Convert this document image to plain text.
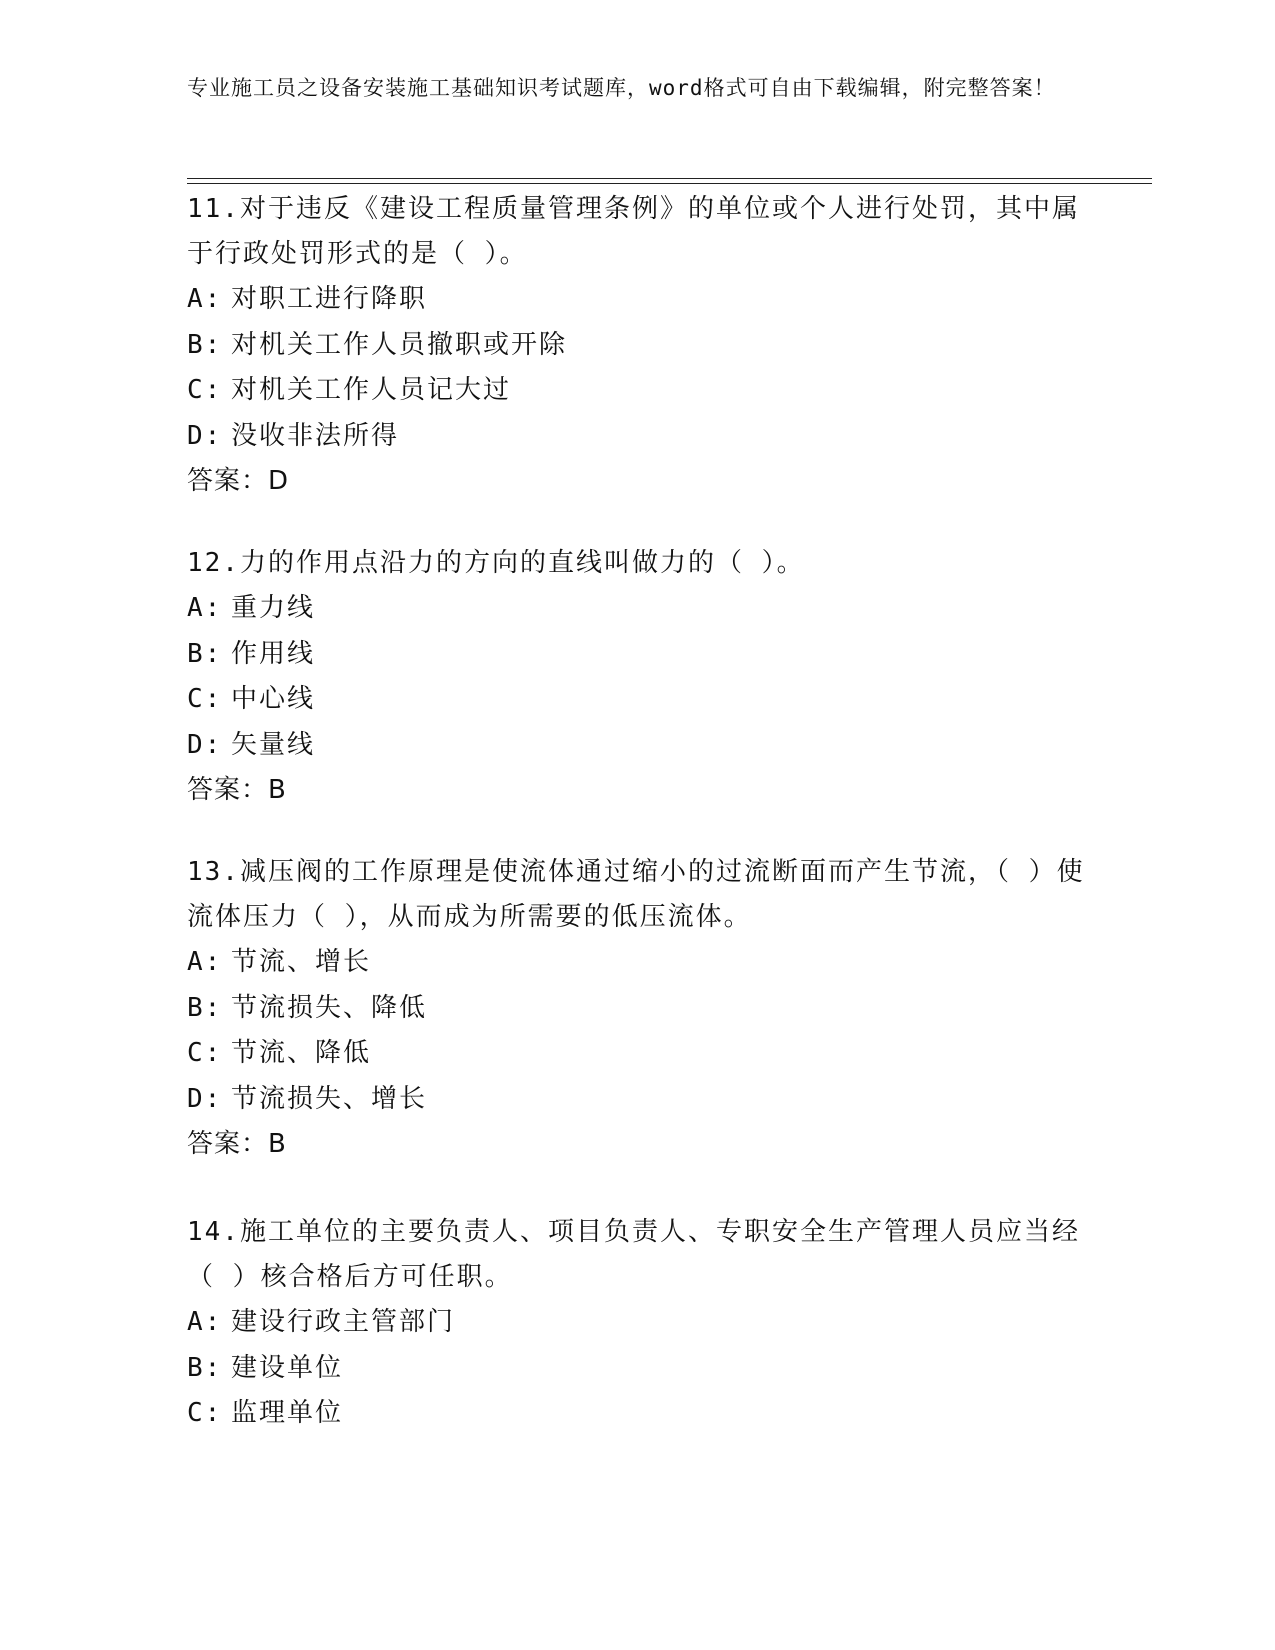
专业施工员之设备安装施工基础知识考试题库，word格式可自由下载编辑，附完整答案！
11.对于违反《建设工程质量管理条例》的单位或个人进行处罚，其中属于行政处罚形式的是（ ）。
A: 对职工进行降职
B: 对机关工作人员撤职或开除
C: 对机关工作人员记大过
D: 没收非法所得
答案：D
12.力的作用点沿力的方向的直线叫做力的（ ）。
A: 重力线
B: 作用线
C: 中心线
D: 矢量线
答案：B
13.减压阀的工作原理是使流体通过缩小的过流断面而产生节流，（ ）使流体压力（ ），从而成为所需要的低压流体。
A: 节流、增长
B: 节流损失、降低
C: 节流、降低
D: 节流损失、增长
答案：B
14.施工单位的主要负责人、项目负责人、专职安全生产管理人员应当经（ ）核合格后方可任职。
A: 建设行政主管部门
B: 建设单位
C: 监理单位
